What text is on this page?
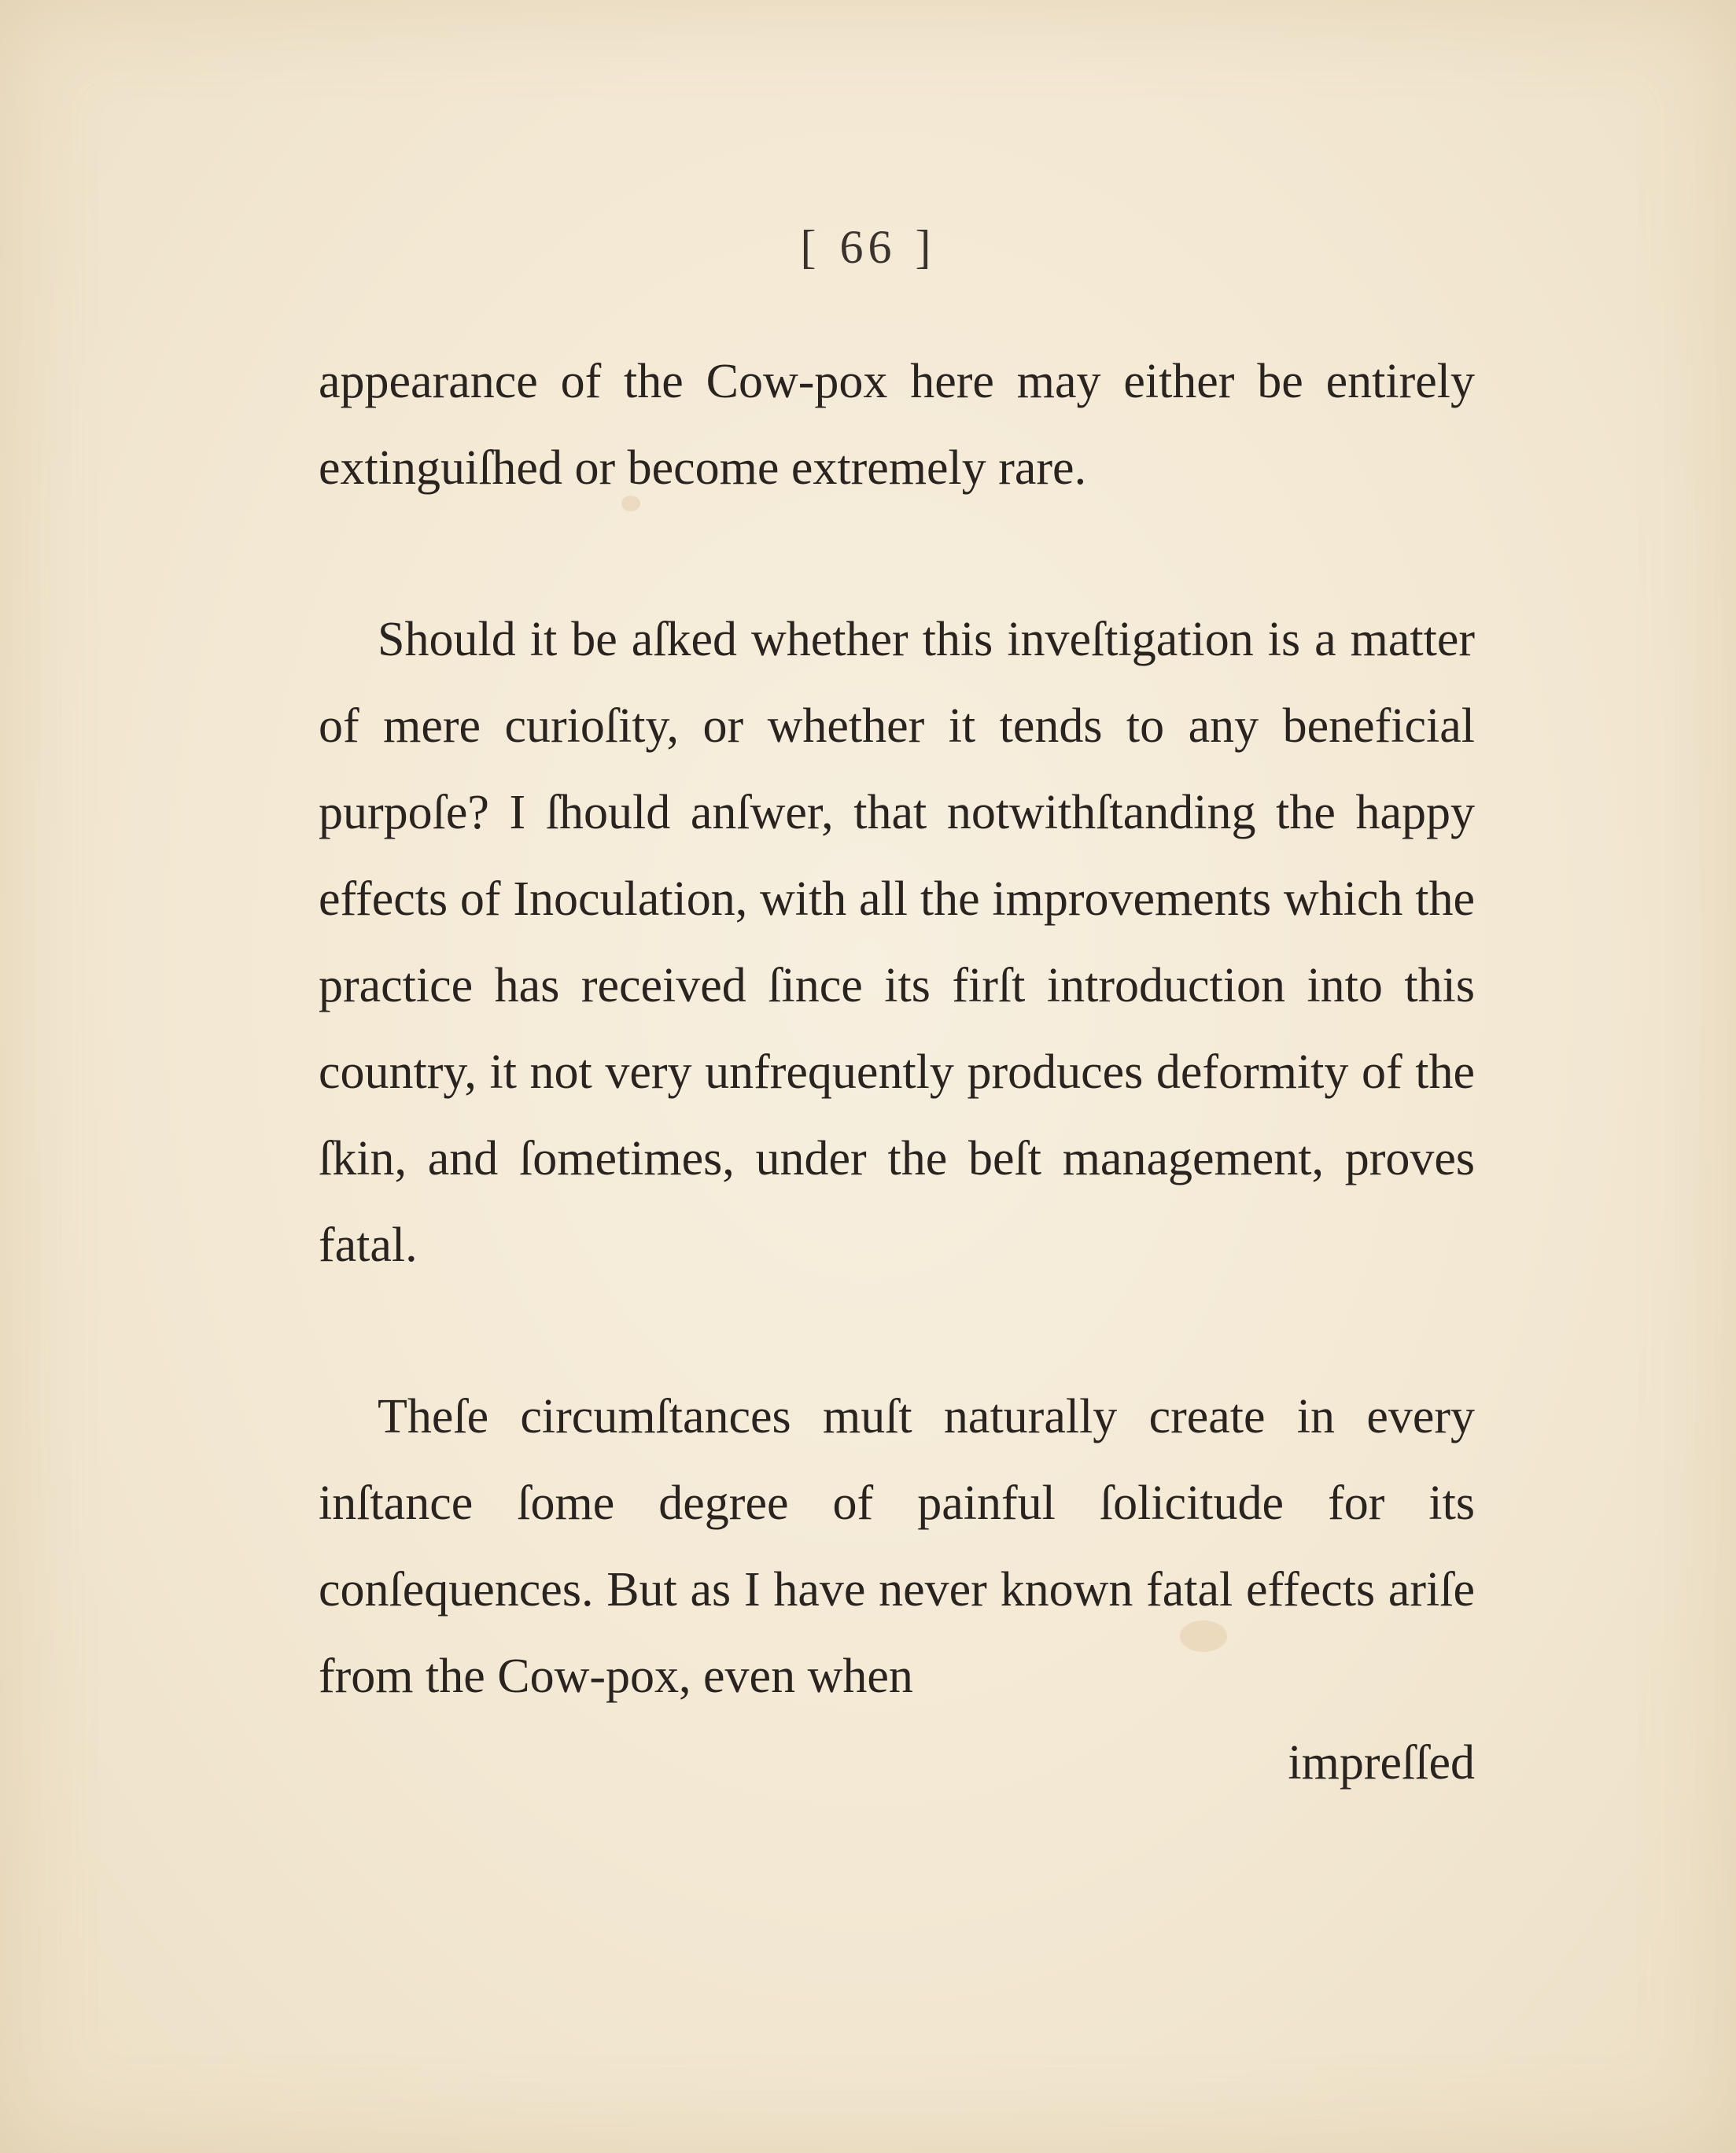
[ 66 ]

appearance of the Cow-pox here may either be entirely extinguiſhed or become extremely rare.

Should it be aſked whether this inveſtigation is a matter of mere curioſity, or whether it tends to any beneficial purpoſe? I ſhould anſwer, that notwithſtanding the happy effects of Inoculation, with all the improvements which the practice has received ſince its firſt introduction into this country, it not very unfrequently produces deformity of the ſkin, and ſometimes, under the beſt management, proves fatal.

Theſe circumſtances muſt naturally create in every inſtance ſome degree of painful ſolicitude for its conſequences. But as I have never known fatal effects ariſe from the Cow-pox, even when

impreſſed
